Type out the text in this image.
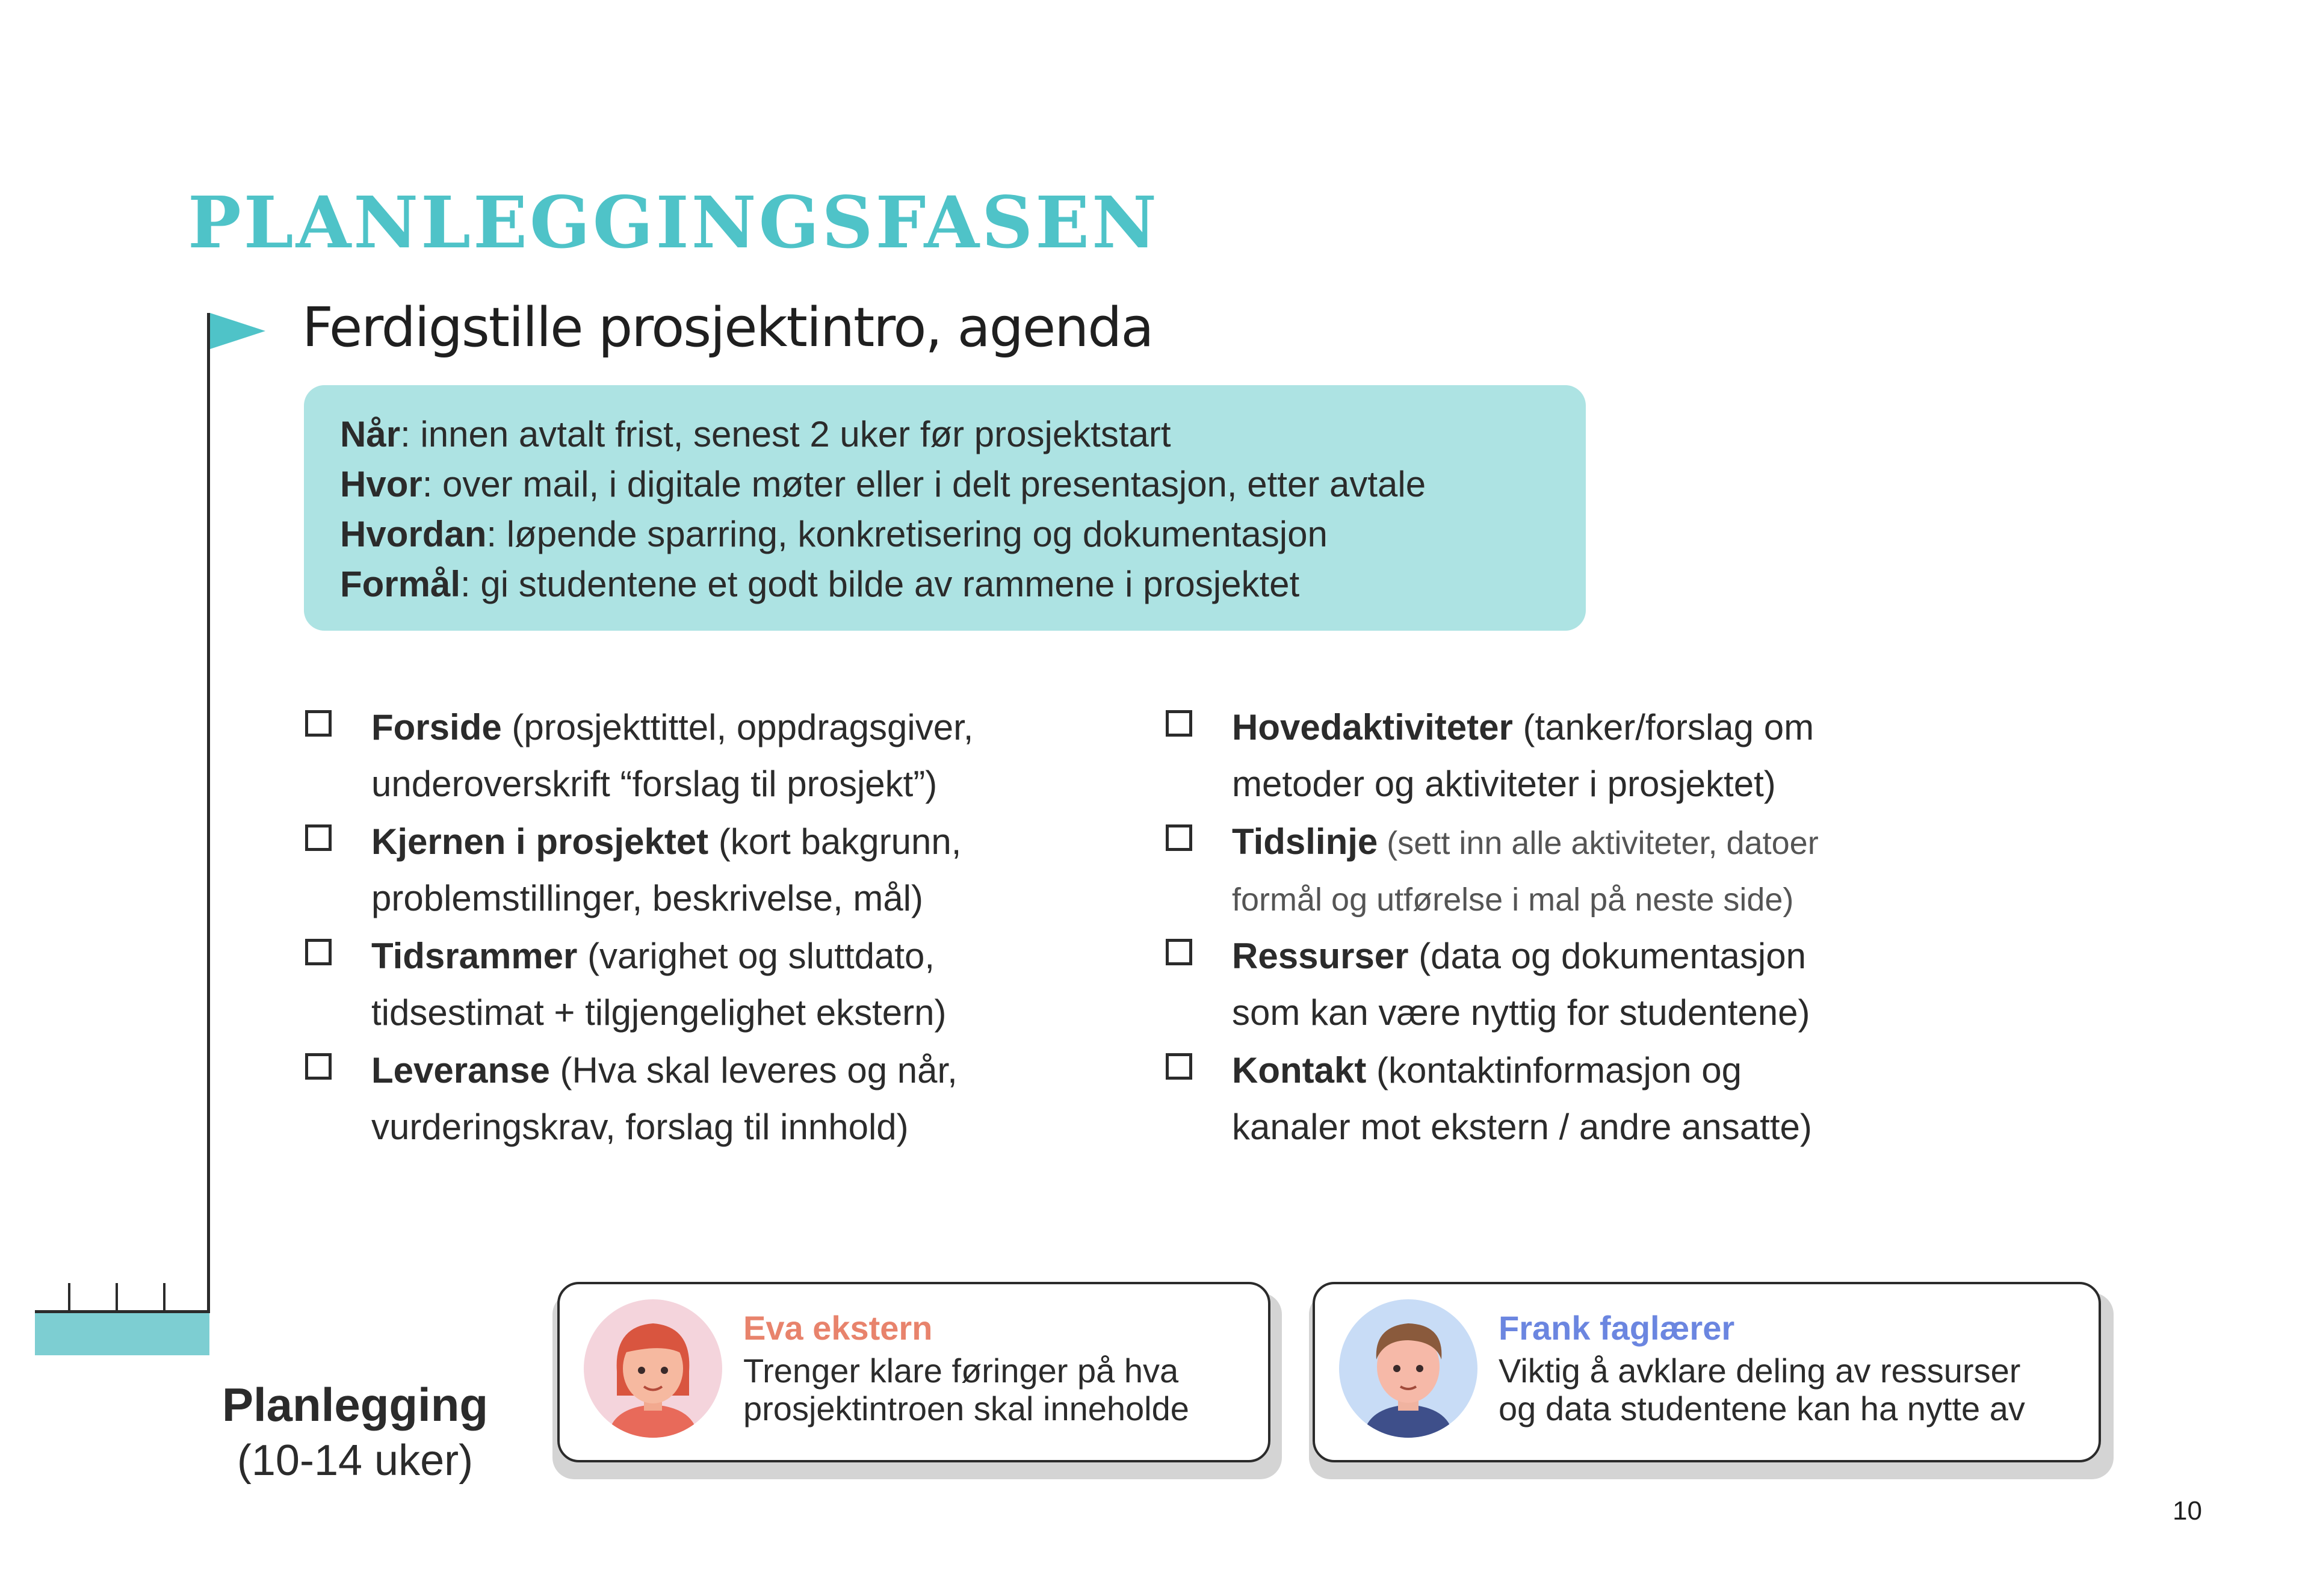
PLANLEGGINGSFASEN
Ferdigstille prosjektintro, agenda
Når: innen avtalt frist, senest 2 uker før prosjektstart
Hvor: over mail, i digitale møter eller i delt presentasjon, etter avtale
Hvordan: løpende sparring, konkretisering og dokumentasjon
Formål: gi studentene et godt bilde av rammene i prosjektet
Forside (prosjekttittel, oppdragsgiver,
underoverskrift “forslag til prosjekt”)
Kjernen i prosjektet (kort bakgrunn,
problemstillinger, beskrivelse, mål)
Tidsrammer (varighet og sluttdato,
tidsestimat + tilgjengelighet ekstern)
Leveranse (Hva skal leveres og når,
vurderingskrav, forslag til innhold)
Hovedaktiviteter (tanker/forslag om
metoder og aktiviteter i prosjektet)
Tidslinje (sett inn alle aktiviteter, datoer
formål og utførelse i mal på neste side)
Ressurser (data og dokumentasjon
som kan være nyttig for studentene)
Kontakt (kontaktinformasjon og
kanaler mot ekstern / andre ansatte)
Planlegging
(10-14 uker)
Eva ekstern
Trenger klare føringer på hva
prosjektintroen skal inneholde
Frank faglærer
Viktig å avklare deling av ressurser
og data studentene kan ha nytte av
10
